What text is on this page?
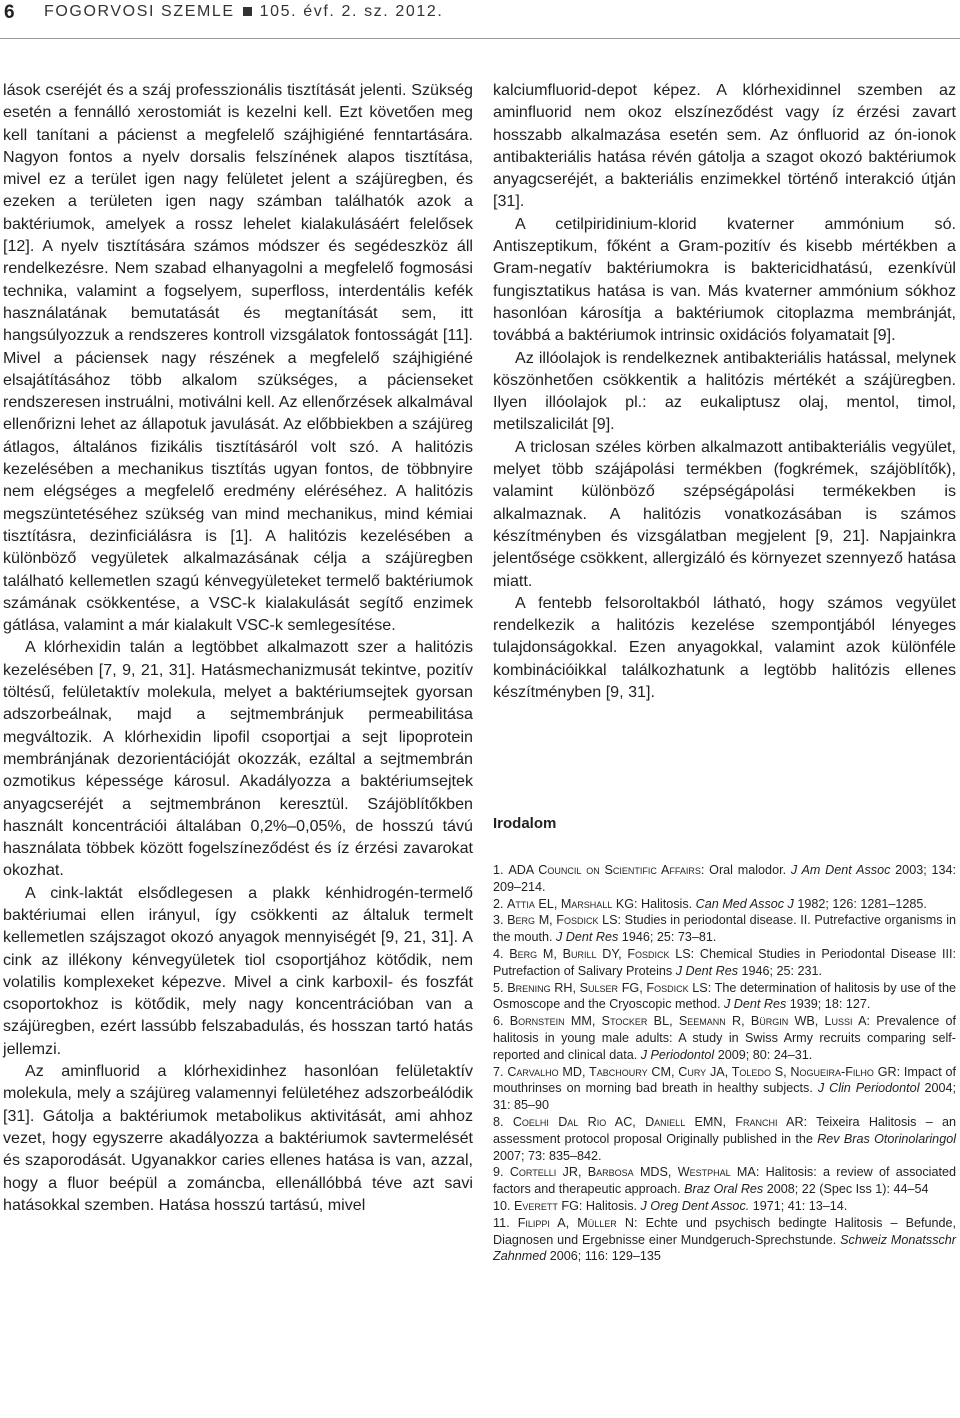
6 FOGORVOSI SZEMLE 105. évf. 2. sz. 2012.

lások cseréjét és a száj professzionális tisztítását jelenti. Szükség esetén a fennálló xerostomiát is kezelni kell. Ezt követően meg kell tanítani a pácienst a megfelelő szájhigiéné fenntartására. Nagyon fontos a nyelv dorsalis felszínének alapos tisztítása, mivel ez a terület igen nagy felületet jelent a szájüregben, és ezeken a területen igen nagy számban találhatók azok a baktériumok, amelyek a rossz lehelet kialakulásáért felelősek [12]. A nyelv tisztítására számos módszer és segédeszköz áll rendelkezésre. Nem szabad elhanyagolni a megfelelő fogmosási technika, valamint a fogselyem, superfloss, interdentális kefék használatának bemutatását és megtanítását sem, itt hangsúlyozzuk a rendszeres kontroll vizsgálatok fontosságát [11]. Mivel a páciensek nagy részének a megfelelő szájhigiéné elsajátításához több alkalom szükséges, a pácienseket rendszeresen instruálni, motiválni kell. Az ellenőrzések alkalmával ellenőrizni lehet az állapotuk javulását. Az előbbiekben a szájüreg átlagos, általános fizikális tisztításáról volt szó. A halitózis kezelésében a mechanikus tisztítás ugyan fontos, de többnyire nem elégséges a megfelelő eredmény eléréséhez. A halitózis megszüntetéséhez szükség van mind mechanikus, mind kémiai tisztításra, dezinficiálásra is [1]. A halitózis kezelésében a különböző vegyületek alkalmazásának célja a szájüregben található kellemetlen szagú kénvegyületeket termelő baktériumok számának csökkentése, a VSC-k kialakulását segítő enzimek gátlása, valamint a már kialakult VSC-k semlegesítése.

A klórhexidin talán a legtöbbet alkalmazott szer a halitózis kezelésében [7, 9, 21, 31]. Hatásmechanizmusát tekintve, pozitív töltésű, felületaktív molekula, melyet a baktériumsejtek gyorsan adszorbeálnak, majd a sejtmembránjuk permeabilitása megváltozik. A klórhexidin lipofil csoportjai a sejt lipoprotein membránjának dezorientációját okozzák, ezáltal a sejtmembrán ozmotikus képessége károsul. Akadályozza a baktériumsejtek anyagcseréjét a sejtmembránon keresztül. Szájöblítőkben használt koncentrációi általában 0,2%–0,05%, de hosszú távú használata többek között fogelszíneződést és íz érzési zavarokat okozhat.

A cink-laktát elsődlegesen a plakk kénhidrogén-termelő baktériumai ellen irányul, így csökkenti az általuk termelt kellemetlen szájszagot okozó anyagok mennyiségét [9, 21, 31]. A cink az illékony kénvegyületek tiol csoportjához kötődik, nem volatilis komplexeket képezve. Mivel a cink karboxil- és foszfát csoportokhoz is kötődik, mely nagy koncentrációban van a szájüregben, ezért lassúbb felszabadulás, és hosszan tartó hatás jellemzi.

Az aminfluorid a klórhexidinhez hasonlóan felületaktív molekula, mely a szájüreg valamennyi felületéhez adszorbeálódik [31]. Gátolja a baktériumok metabolikus aktivitását, ami ahhoz vezet, hogy egyszerre akadályozza a baktériumok savtermelését és szaporodását. Ugyanakkor caries ellenes hatása is van, azzal, hogy a fluor beépül a zománcba, ellenállóbbá téve azt savi hatásokkal szemben. Hatása hosszú tartású, mivel

kalciumfluorid-depot képez. A klórhexidinnel szemben az aminfluorid nem okoz elszíneződést vagy íz érzési zavart hosszabb alkalmazása esetén sem. Az ónfluorid az ón-ionok antibakteriális hatása révén gátolja a szagot okozó baktériumok anyagcseréjét, a bakteriális enzimekkel történő interakció útján [31].

A cetilpiridinium-klorid kvaterner ammónium só. Antiszeptikum, főként a Gram-pozitív és kisebb mértékben a Gram-negatív baktériumokra is baktericidhatású, ezenkívül fungisztatikus hatása is van. Más kvaterner ammónium sókhoz hasonlóan károsítja a baktériumok citoplazma membránját, továbbá a baktériumok intrinsic oxidációs folyamatait [9].

Az illóolajok is rendelkeznek antibakteriális hatással, melynek köszönhetően csökkentik a halitózis mértékét a szájüregben. Ilyen illóolajok pl.: az eukaliptusz olaj, mentol, timol, metilszalicilát [9].

A triclosan széles körben alkalmazott antibakteriális vegyület, melyet több szájápolási termékben (fogkrémek, szájöblítők), valamint különböző szépségápolási termékekben is alkalmaznak. A halitózis vonatkozásában is számos készítményben és vizsgálatban megjelent [9, 21]. Napjainkra jelentősége csökkent, allergizáló és környezet szennyező hatása miatt.

A fentebb felsoroltakból látható, hogy számos vegyület rendelkezik a halitózis kezelése szempontjából lényeges tulajdonságokkal. Ezen anyagokkal, valamint azok különféle kombinációikkal találkozhatunk a legtöbb halitózis ellenes készítményben [9, 31].

Irodalom

1. ADA Council on Scientific Affairs: Oral malodor. J Am Dent Assoc 2003; 134: 209–214.

2. Attia EL, Marshall KG: Halitosis. Can Med Assoc J 1982; 126: 1281–1285.

3. Berg M, Fosdick LS: Studies in periodontal disease. II. Putrefactive organisms in the mouth. J Dent Res 1946; 25: 73–81.

4. Berg M, Burill DY, Fosdick LS: Chemical Studies in Periodontal Disease III: Putrefaction of Salivary Proteins J Dent Res 1946; 25: 231.

5. Brening RH, Sulser FG, Fosdick LS: The determination of halitosis by use of the Osmoscope and the Cryoscopic method. J Dent Res 1939; 18: 127.

6. Bornstein MM, Stocker BL, Seemann R, Bürgin WB, Lussi A: Prevalence of halitosis in young male adults: A study in Swiss Army recruits comparing self-reported and clinical data. J Periodontol 2009; 80: 24–31.

7. Carvalho MD, Tabchoury CM, Cury JA, Toledo S, Nogueira-Filho GR: Impact of mouthrinses on morning bad breath in healthy subjects. J Clin Periodontol 2004; 31: 85–90

8. Coelhi Dal Rio AC, Daniell EMN, Franchi AR: Teixeira Halitosis – an assessment protocol proposal Originally published in the Rev Bras Otorinolaringol 2007; 73: 835–842.

9. Cortelli JR, Barbosa MDS, Westphal MA: Halitosis: a review of associated factors and therapeutic approach. Braz Oral Res 2008; 22 (Spec Iss 1): 44–54

10. Everett FG: Halitosis. J Oreg Dent Assoc. 1971; 41: 13–14.

11. Filippi A, Müller N: Echte und psychisch bedingte Halitosis – Befunde, Diagnosen und Ergebnisse einer Mundgeruch-Sprechstunde. Schweiz Monatsschr Zahnmed 2006; 116: 129–135
